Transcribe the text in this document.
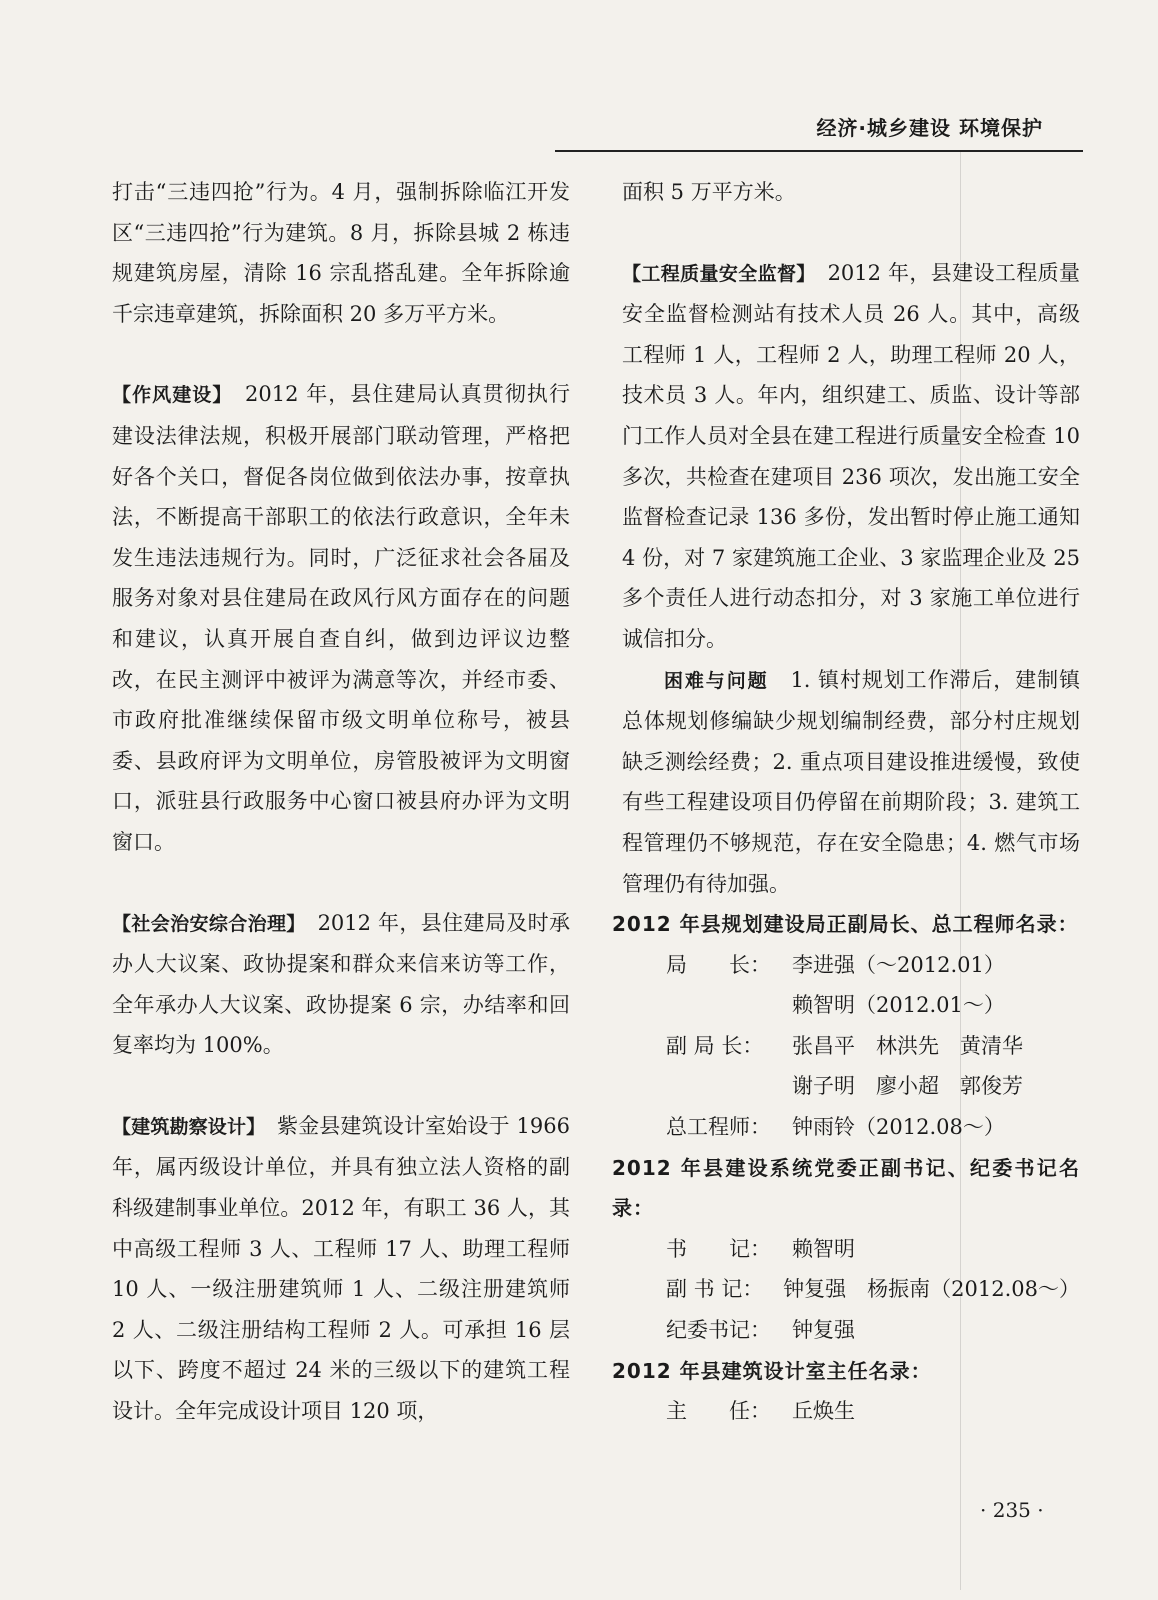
经济·城乡建设 环境保护

打击“三违四抢”行为。4 月，强制拆除临江开发区“三违四抢”行为建筑。8 月，拆除县城 2 栋违规建筑房屋，清除 16 宗乱搭乱建。全年拆除逾千宗违章建筑，拆除面积 20 多万平方米。

【作风建设】　 2012 年，县住建局认真贯彻执行建设法律法规，积极开展部门联动管理，严格把好各个关口，督促各岗位做到依法办事，按章执法，不断提高干部职工的依法行政意识，全年未发生违法违规行为。同时，广泛征求社会各届及服务对象对县住建局在政风行风方面存在的问题和建议，认真开展自查自纠，做到边评议边整改，在民主测评中被评为满意等次，并经市委、市政府批准继续保留市级文明单位称号，被县委、县政府评为文明单位，房管股被评为文明窗口，派驻县行政服务中心窗口被县府办评为文明窗口。

【社会治安综合治理】　 2012 年，县住建局及时承办人大议案、政协提案和群众来信来访等工作，全年承办人大议案、政协提案 6 宗，办结率和回复率均为 100%。

【建筑勘察设计】　 紫金县建筑设计室始设于 1966 年，属丙级设计单位，并具有独立法人资格的副科级建制事业单位。2012 年，有职工 36 人，其中高级工程师 3 人、工程师 17 人、助理工程师 10 人、一级注册建筑师 1 人、二级注册建筑师 2 人、二级注册结构工程师 2 人。可承担 16 层以下、跨度不超过 24 米的三级以下的建筑工程设计。全年完成设计项目 120 项，

面积 5 万平方米。

【工程质量安全监督】　 2012 年，县建设工程质量安全监督检测站有技术人员 26 人。其中，高级工程师 1 人，工程师 2 人，助理工程师 20 人，技术员 3 人。年内，组织建工、质监、设计等部门工作人员对全县在建工程进行质量安全检查 10 多次，共检查在建项目 236 项次，发出施工安全监督检查记录 136 多份，发出暂时停止施工通知 4 份，对 7 家建筑施工企业、3 家监理企业及 25 多个责任人进行动态扣分，对 3 家施工单位进行诚信扣分。

困难与问题　 1. 镇村规划工作滞后，建制镇总体规划修编缺少规划编制经费，部分村庄规划缺乏测绘经费；2. 重点项目建设推进缓慢，致使有些工程建设项目仍停留在前期阶段；3. 建筑工程管理仍不够规范，存在安全隐患；4. 燃气市场管理仍有待加强。

2012 年县规划建设局正副局长、总工程师名录：

局　　长：	李进强（～2012.01）
赖智明（2012.01～）
副 局 长：	张昌平　林洪先　黄清华
谢子明　廖小超　郭俊芳
总工程师：	钟雨铃（2012.08～）

2012 年县建设系统党委正副书记、纪委书记名录：

书　　记：	赖智明
副 书 记： 钟复强　杨振南（2012.08～）
纪委书记：	钟复强

2012 年县建筑设计室主任名录：

主　　任：	丘焕生
· 235 ·
